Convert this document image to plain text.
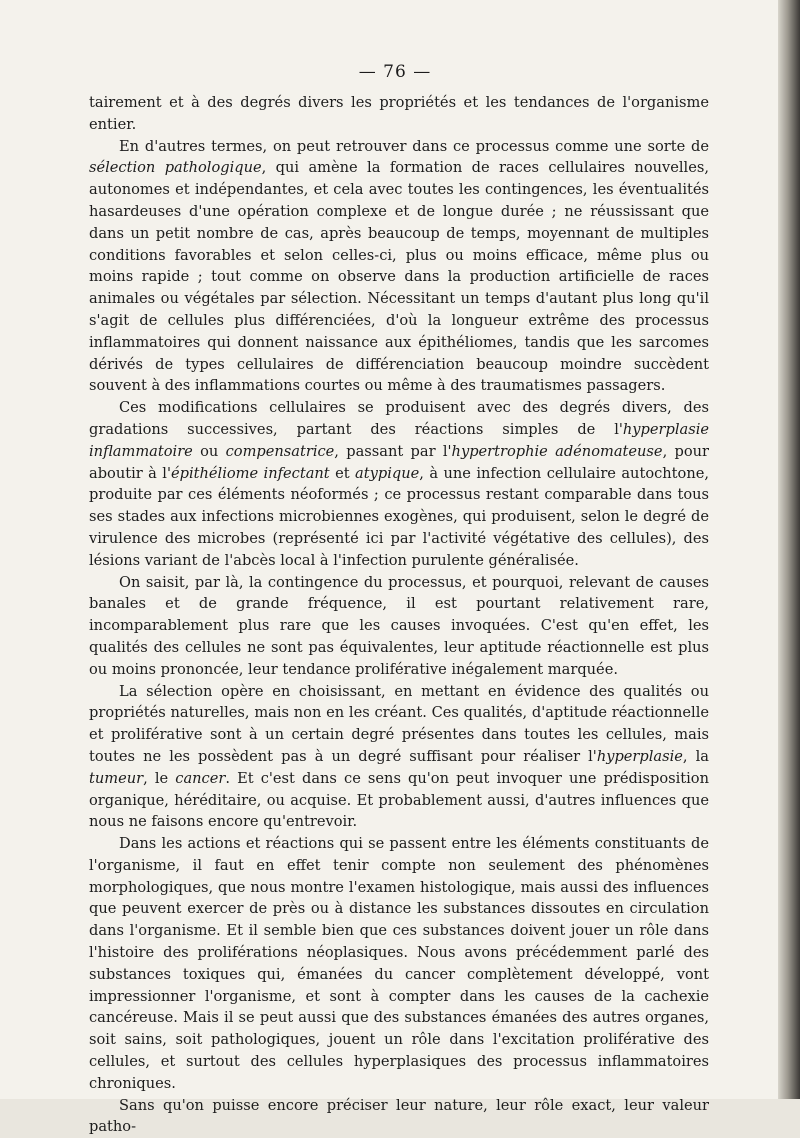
— 76 —

tairement et à des degrés divers les propriétés et les tendances de l'organisme entier.

En d'autres termes, on peut retrouver dans ce processus comme une sorte de sélection pathologique, qui amène la formation de races cellulaires nouvelles, autonomes et indépendantes, et cela avec toutes les contingences, les éventualités hasardeuses d'une opération complexe et de longue durée ; ne réussissant que dans un petit nombre de cas, après beaucoup de temps, moyennant de multiples conditions favorables et selon celles-ci, plus ou moins efficace, même plus ou moins rapide ; tout comme on observe dans la production artificielle de races animales ou végétales par sélection. Nécessitant un temps d'autant plus long qu'il s'agit de cellules plus différenciées, d'où la longueur extrême des processus inflammatoires qui donnent naissance aux épithéliomes, tandis que les sarcomes dérivés de types cellulaires de différenciation beaucoup moindre succèdent souvent à des inflammations courtes ou même à des traumatismes passagers.

Ces modifications cellulaires se produisent avec des degrés divers, des gradations successives, partant des réactions simples de l'hyperplasie inflammatoire ou compensatrice, passant par l'hypertrophie adénomateuse, pour aboutir à l'épithéliome infectant et atypique, à une infection cellulaire autochtone, produite par ces éléments néoformés ; ce processus restant comparable dans tous ses stades aux infections microbiennes exogènes, qui produisent, selon le degré de virulence des microbes (représenté ici par l'activité végétative des cellules), des lésions variant de l'abcès local à l'infection purulente généralisée.

On saisit, par là, la contingence du processus, et pourquoi, relevant de causes banales et de grande fréquence, il est pourtant relativement rare, incomparablement plus rare que les causes invoquées. C'est qu'en effet, les qualités des cellules ne sont pas équivalentes, leur aptitude réactionnelle est plus ou moins prononcée, leur tendance proliférative inégalement marquée.

La sélection opère en choisissant, en mettant en évidence des qualités ou propriétés naturelles, mais non en les créant. Ces qualités, d'aptitude réactionnelle et proliférative sont à un certain degré présentes dans toutes les cellules, mais toutes ne les possèdent pas à un degré suffisant pour réaliser l'hyperplasie, la tumeur, le cancer. Et c'est dans ce sens qu'on peut invoquer une prédisposition organique, héréditaire, ou acquise. Et probablement aussi, d'autres influences que nous ne faisons encore qu'entrevoir.

Dans les actions et réactions qui se passent entre les éléments constituants de l'organisme, il faut en effet tenir compte non seulement des phénomènes morphologiques, que nous montre l'examen histologique, mais aussi des influences que peuvent exercer de près ou à distance les substances dissoutes en circulation dans l'organisme. Et il semble bien que ces substances doivent jouer un rôle dans l'histoire des proliférations néoplasiques. Nous avons précédemment parlé des substances toxiques qui, émanées du cancer complètement développé, vont impressionner l'organisme, et sont à compter dans les causes de la cachexie cancéreuse. Mais il se peut aussi que des substances émanées des autres organes, soit sains, soit pathologiques, jouent un rôle dans l'excitation proliférative des cellules, et surtout des cellules hyperplasiques des processus inflammatoires chroniques.

Sans qu'on puisse encore préciser leur nature, leur rôle exact, leur valeur patho-
